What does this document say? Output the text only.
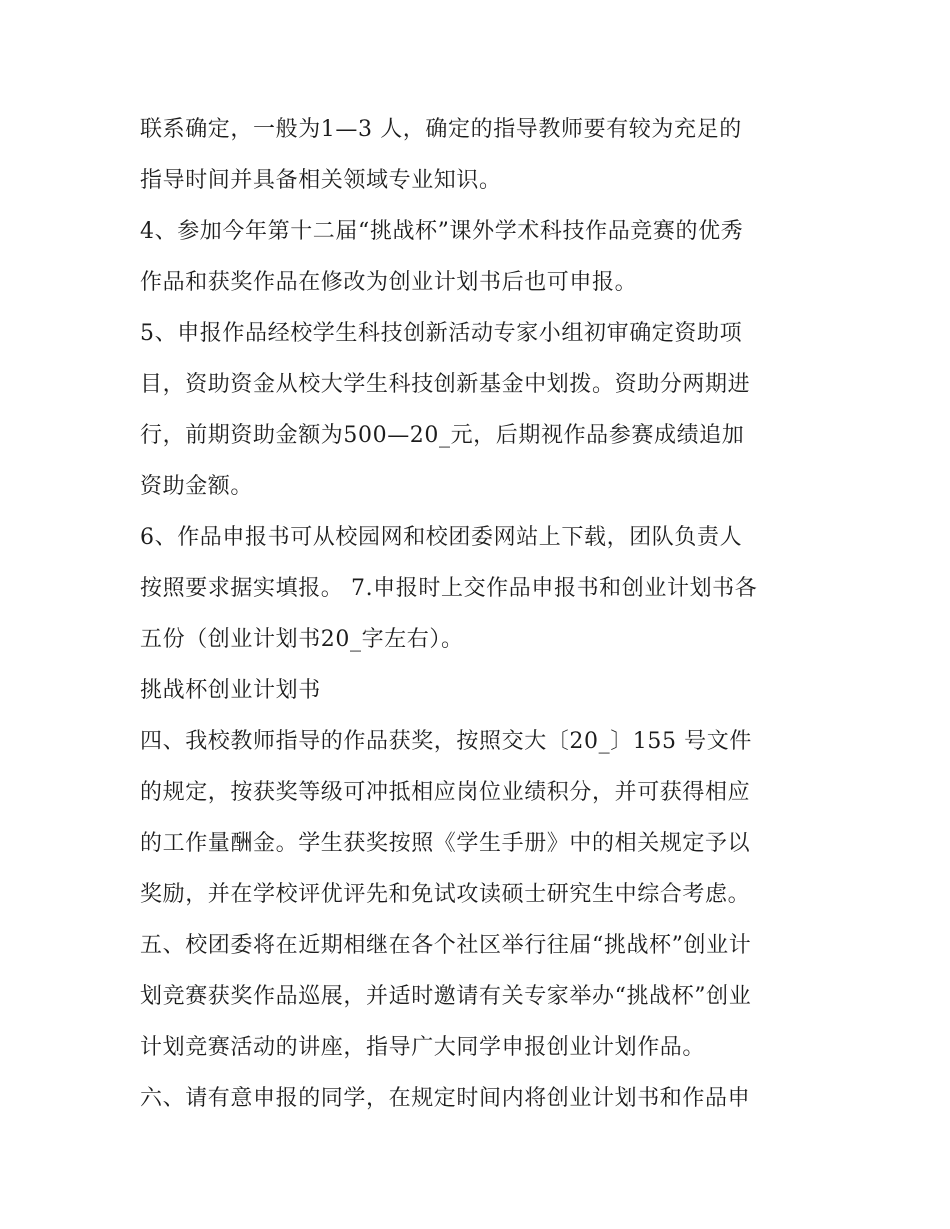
联系确定，一般为1—3 人，确定的指导教师要有较为充足的
指导时间并具备相关领域专业知识。
4、参加今年第十二届“挑战杯”课外学术科技作品竞赛的优秀
作品和获奖作品在修改为创业计划书后也可申报。
5、申报作品经校学生科技创新活动专家小组初审确定资助项
目，资助资金从校大学生科技创新基金中划拨。资助分两期进
行，前期资助金额为500—20_元，后期视作品参赛成绩追加
资助金额。
6、作品申报书可从校园网和校团委网站上下载，团队负责人
按照要求据实填报。 7.申报时上交作品申报书和创业计划书各
五份（创业计划书20_字左右）。
挑战杯创业计划书
四、我校教师指导的作品获奖，按照交大〔20_〕155 号文件
的规定，按获奖等级可冲抵相应岗位业绩积分，并可获得相应
的工作量酬金。学生获奖按照《学生手册》中的相关规定予以
奖励，并在学校评优评先和免试攻读硕士研究生中综合考虑。
五、校团委将在近期相继在各个社区举行往届“挑战杯”创业计
划竞赛获奖作品巡展，并适时邀请有关专家举办“挑战杯”创业
计划竞赛活动的讲座，指导广大同学申报创业计划作品。
六、请有意申报的同学，在规定时间内将创业计划书和作品申
